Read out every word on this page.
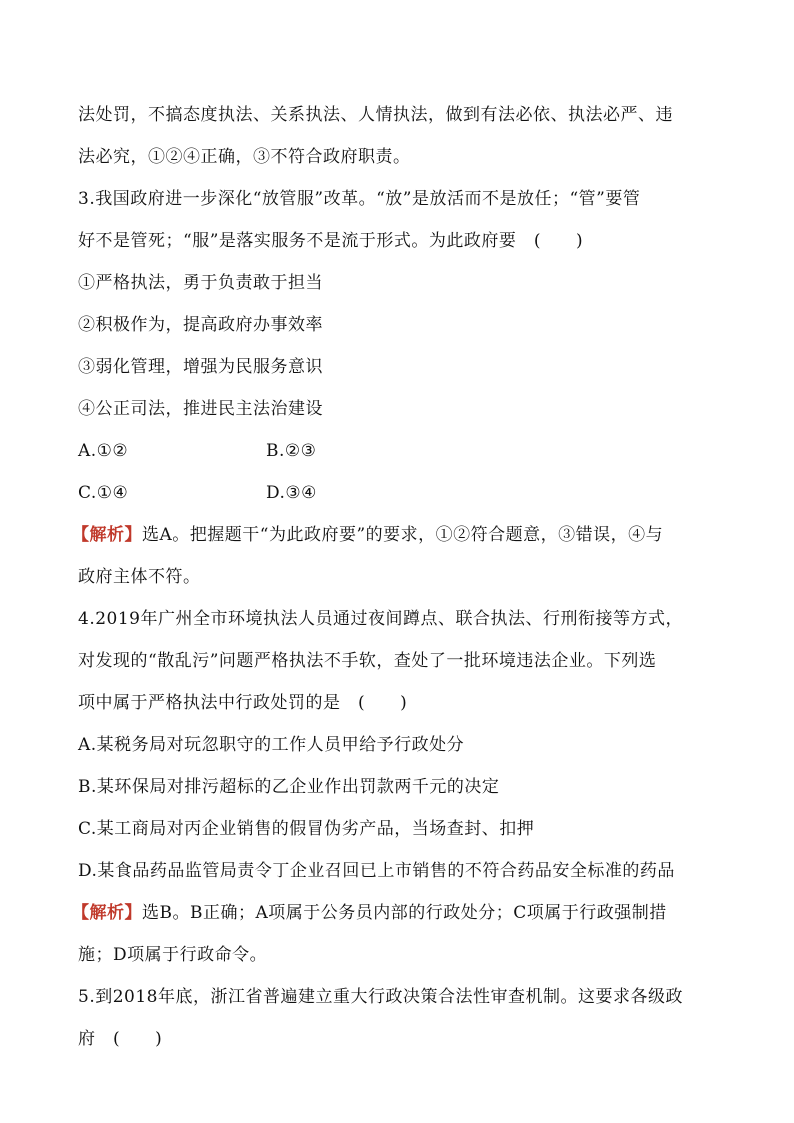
法处罚，不搞态度执法、关系执法、人情执法，做到有法必依、执法必严、违
法必究，①②④正确，③不符合政府职责。
3.我国政府进一步深化“放管服”改革。“放”是放活而不是放任；“管”要管
好不是管死；“服”是落实服务不是流于形式。为此政府要　(　　)
①严格执法，勇于负责敢于担当
②积极作为，提高政府办事效率
③弱化管理，增强为民服务意识
④公正司法，推进民主法治建设
A.①②	B.②③
C.①④	D.③④
【解析】选A。把握题干“为此政府要”的要求，①②符合题意，③错误，④与
政府主体不符。
4.2019年广州全市环境执法人员通过夜间蹲点、联合执法、行刑衔接等方式，
对发现的“散乱污”问题严格执法不手软，查处了一批环境违法企业。下列选
项中属于严格执法中行政处罚的是　(　　)
A.某税务局对玩忽职守的工作人员甲给予行政处分
B.某环保局对排污超标的乙企业作出罚款两千元的决定
C.某工商局对丙企业销售的假冒伪劣产品，当场查封、扣押
D.某食品药品监管局责令丁企业召回已上市销售的不符合药品安全标准的药品
【解析】选B。B正确；A项属于公务员内部的行政处分；C项属于行政强制措
施；D项属于行政命令。
5.到2018年底，浙江省普遍建立重大行政决策合法性审查机制。这要求各级政
府　(　　)
